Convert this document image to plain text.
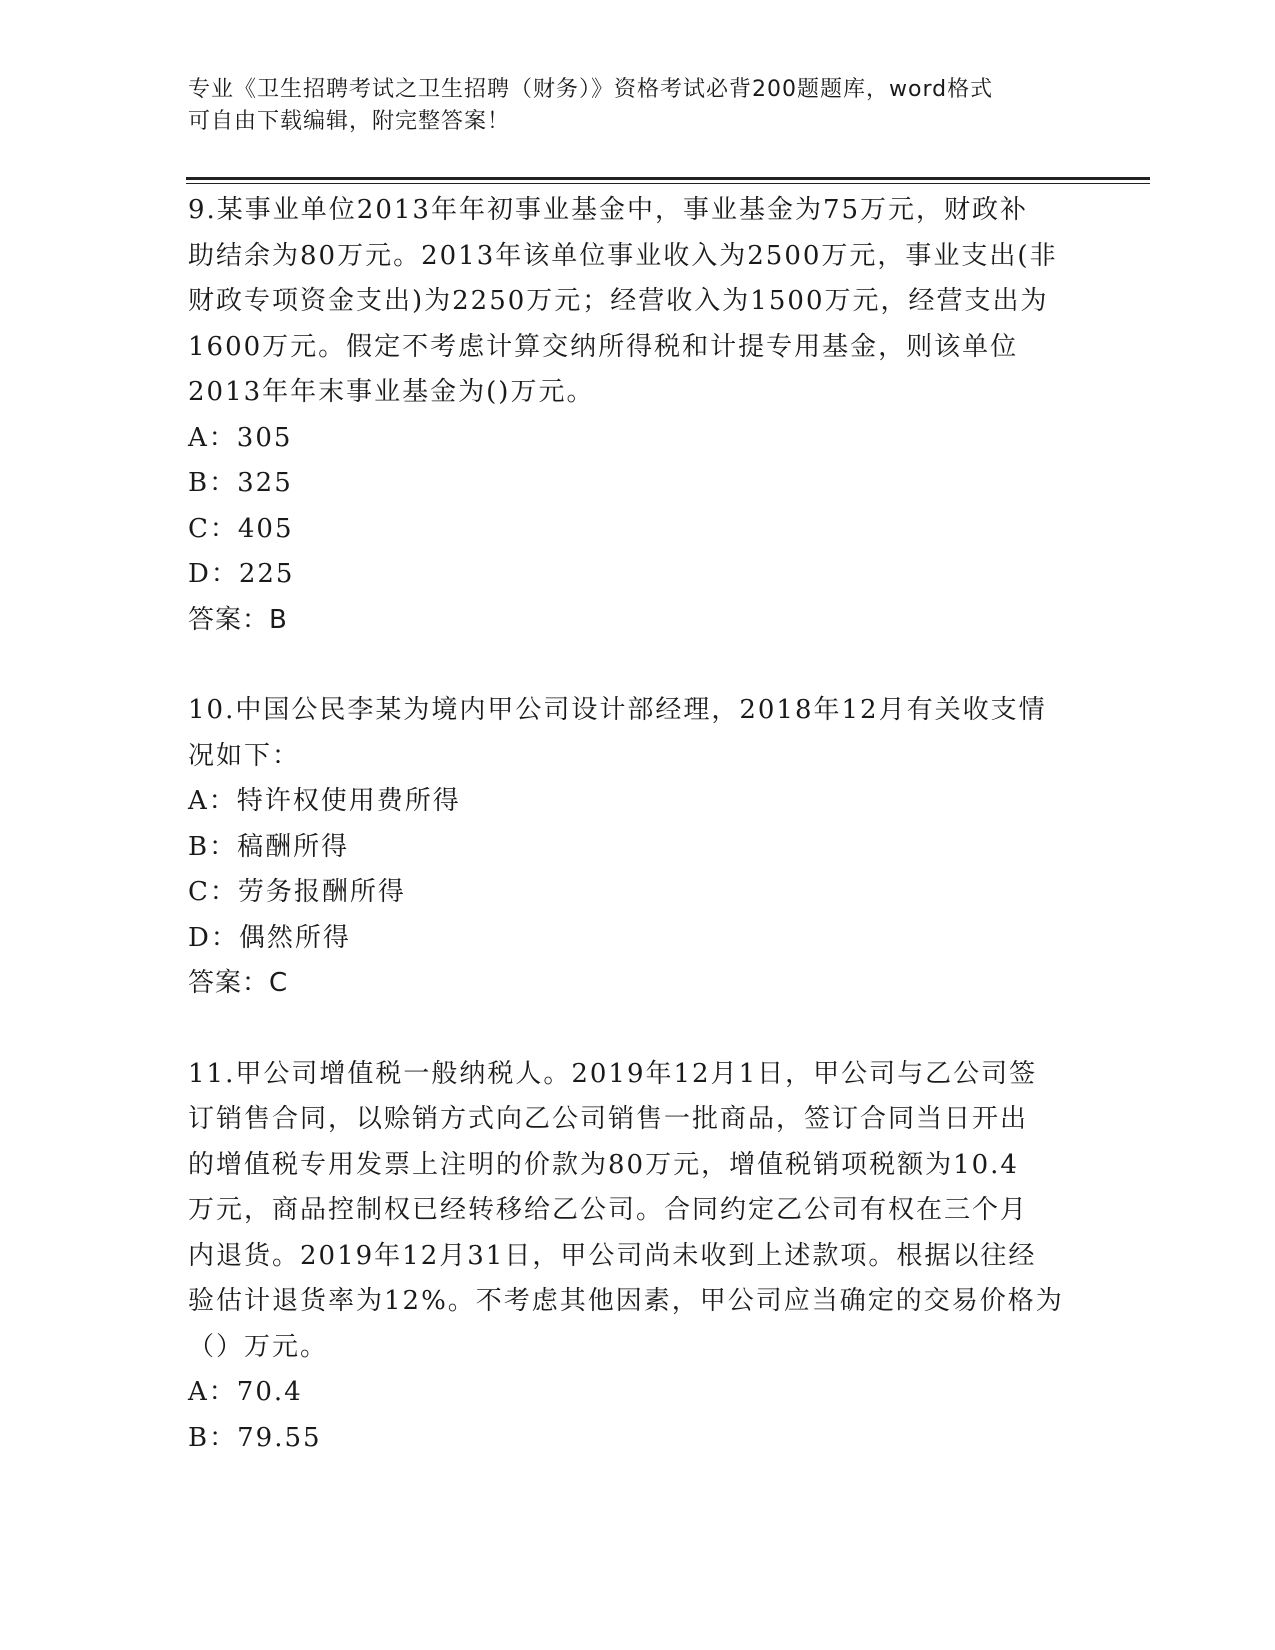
专业《卫生招聘考试之卫生招聘（财务）》资格考试必背200题题库，word格式
可自由下载编辑，附完整答案！
9.某事业单位2013年年初事业基金中，事业基金为75万元，财政补
助结余为80万元。2013年该单位事业收入为2500万元，事业支出(非
财政专项资金支出)为2250万元；经营收入为1500万元，经营支出为
1600万元。假定不考虑计算交纳所得税和计提专用基金，则该单位
2013年年末事业基金为()万元。
A：305
B：325
C：405
D：225
答案：B
10.中国公民李某为境内甲公司设计部经理，2018年12月有关收支情
况如下：
A：特许权使用费所得
B：稿酬所得
C：劳务报酬所得
D：偶然所得
答案：C
11.甲公司增值税一般纳税人。2019年12月1日，甲公司与乙公司签
订销售合同，以赊销方式向乙公司销售一批商品，签订合同当日开出
的增值税专用发票上注明的价款为80万元，增值税销项税额为10.4
万元，商品控制权已经转移给乙公司。合同约定乙公司有权在三个月
内退货。2019年12月31日，甲公司尚未收到上述款项。根据以往经
验估计退货率为12%。不考虑其他因素，甲公司应当确定的交易价格为
（）万元。
A：70.4
B：79.55
